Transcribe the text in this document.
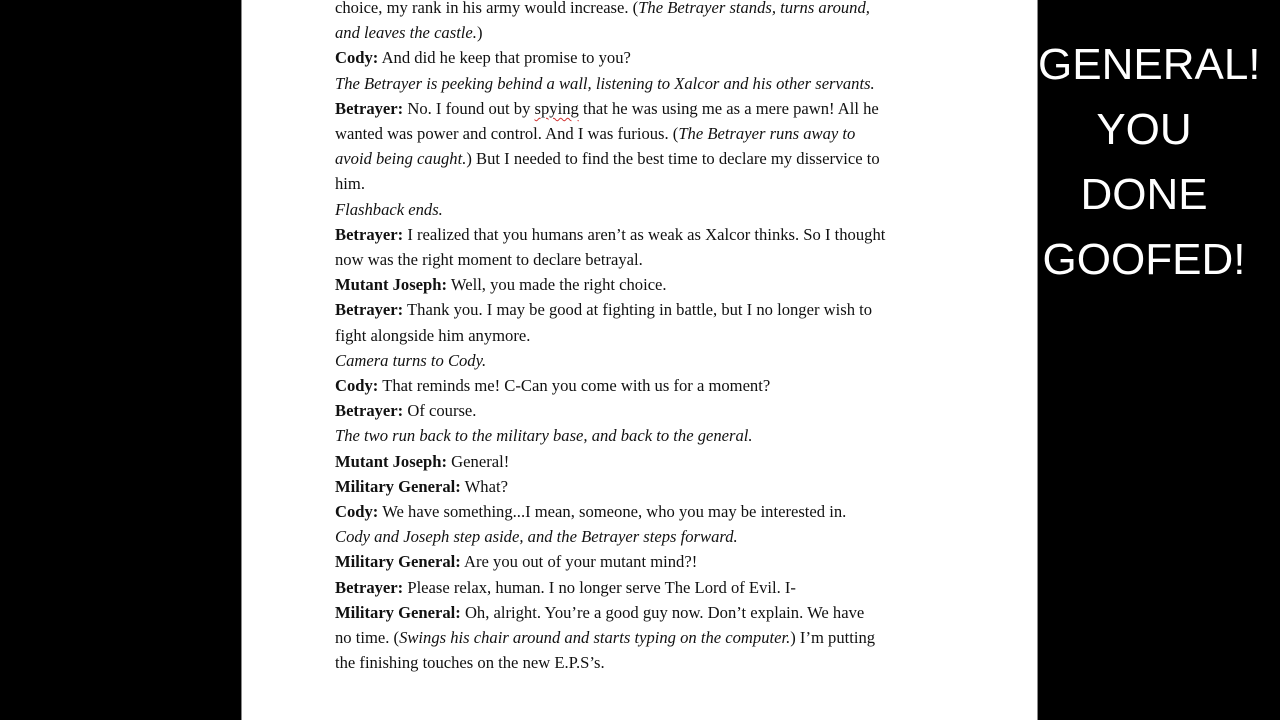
choice, my rank in his army would increase. (The Betrayer stands, turns around,

and leaves the castle.)

Cody: And did he keep that promise to you?

The Betrayer is peeking behind a wall, listening to Xalcor and his other servants.

Betrayer: No. I found out by spying that he was using me as a mere pawn! All he

wanted was power and control. And I was furious. (The Betrayer runs away to

avoid being caught.) But I needed to find the best time to declare my disservice to

him.

Flashback ends.

Betrayer: I realized that you humans aren’t as weak as Xalcor thinks. So I thought

now was the right moment to declare betrayal.

Mutant Joseph: Well, you made the right choice.

Betrayer: Thank you. I may be good at fighting in battle, but I no longer wish to

fight alongside him anymore.

Camera turns to Cody.

Cody: That reminds me! C-Can you come with us for a moment?

Betrayer: Of course.

The two run back to the military base, and back to the general.

Mutant Joseph: General!

Military General: What?

Cody: We have something...I mean, someone, who you may be interested in.

Cody and Joseph step aside, and the Betrayer steps forward.

Military General: Are you out of your mutant mind?!

Betrayer: Please relax, human. I no longer serve The Lord of Evil. I-

Military General: Oh, alright. You’re a good guy now. Don’t explain. We have

no time. (Swings his chair around and starts typing on the computer.) I’m putting

the finishing touches on the new E.P.S’s.

GENERAL!
YOU
DONE
GOOFED!
